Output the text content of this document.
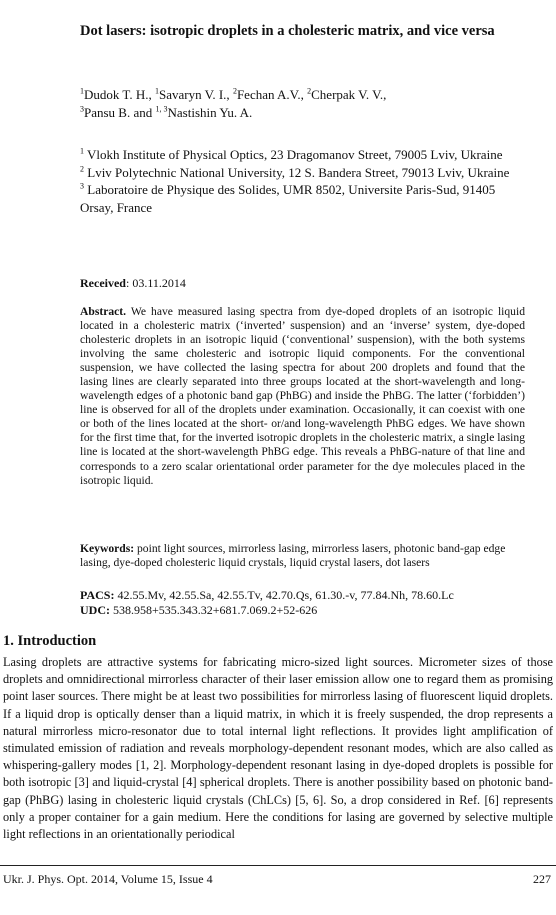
Dot lasers: isotropic droplets in a cholesteric matrix, and vice versa
$^1$Dudok T. H., $^1$Savaryn V. I., $^2$Fechan A.V., $^2$Cherpak V. V.,
$^3$Pansu B. and $^{1, 3}$Nastishin Yu. A.

$^1$ Vlokh Institute of Physical Optics, 23 Dragomanov Street, 79005 Lviv, Ukraine

$^2$ Lviv Polytechnic National University, 12 S. Bandera Street, 79013 Lviv, Ukraine

$^3$ Laboratoire de Physique des Solides, UMR 8502, Universite Paris-Sud, 91405 Orsay, France

Received: 03.11.2014
Abstract. We have measured lasing spectra from dye-doped droplets of an isotropic liquid located in a cholesteric matrix (‘inverted’ suspension) and an ‘inverse’ system, dye-doped cholesteric droplets in an isotropic liquid (‘conventional’ suspension), with the both systems involving the same cholesteric and isotropic liquid components. For the conventional suspension, we have collected the lasing spectra for about 200 droplets and found that the lasing lines are clearly separated into three groups located at the short-wavelength and long-wavelength edges of a photonic band gap (PhBG) and inside the PhBG. The latter (‘forbidden’) line is observed for all of the droplets under examination. Occasionally, it can coexist with one or both of the lines located at the short- or/and long-wavelength PhBG edges. We have shown for the first time that, for the inverted isotropic droplets in the cholesteric matrix, a single lasing line is located at the short-wavelength PhBG edge. This reveals a PhBG-nature of that line and corresponds to a zero scalar orientational order parameter for the dye molecules placed in the isotropic liquid.
Keywords: point light sources, mirrorless lasing, mirrorless lasers, photonic band-gap edge lasing, dye-doped cholesteric liquid crystals, liquid crystal lasers, dot lasers
PACS: 42.55.Mv, 42.55.Sa, 42.55.Tv, 42.70.Qs, 61.30.-v, 77.84.Nh, 78.60.Lc
UDC: 538.958+535.343.32+681.7.069.2+52-626
1. Introduction
Lasing droplets are attractive systems for fabricating micro-sized light sources. Micrometer sizes of those droplets and omnidirectional mirrorless character of their laser emission allow one to regard them as promising point laser sources. There might be at least two possibilities for mirrorless lasing of fluorescent liquid droplets. If a liquid drop is optically denser than a liquid matrix, in which it is freely suspended, the drop represents a natural mirrorless micro-resonator due to total internal light reflections. It provides light amplification of stimulated emission of radiation and reveals morphology-dependent resonant modes, which are also called as whispering-gallery modes [1, 2]. Morphology-dependent resonant lasing in dye-doped droplets is possible for both isotropic [3] and liquid-crystal [4] spherical droplets. There is another possibility based on photonic band-gap (PhBG) lasing in cholesteric liquid crystals (ChLCs) [5, 6]. So, a drop considered in Ref. [6] represents only a proper container for a gain medium. Here the conditions for lasing are governed by selective multiple light reflections in an orientationally periodical
Ukr. J. Phys. Opt. 2014, Volume 15, Issue 4	227
